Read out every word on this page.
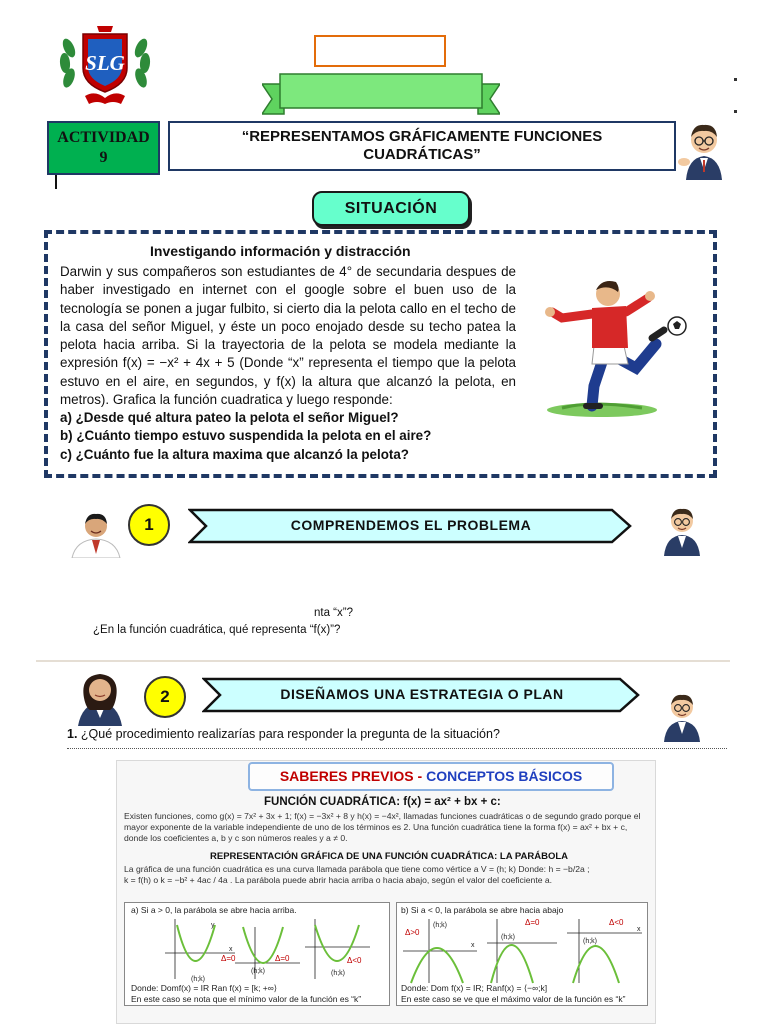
SLG
ACTIVIDAD
9
“REPRESENTAMOS GRÁFICAMENTE FUNCIONES
CUADRÁTICAS”
SITUACIÓN
Investigando información y distracción
Darwin y sus compañeros son estudiantes de 4° de secundaria despues de haber investigado en internet con el google sobre el buen uso de la tecnología se ponen a jugar fulbito, si cierto dia la pelota callo en el techo de la casa del señor Miguel, y éste un poco enojado desde su techo patea la pelota hacia arriba. Si la trayectoria de la pelota se modela mediante la expresión f(x) = −x² + 4x + 5 (Donde “x” representa el tiempo que la pelota estuvo en el aire, en segundos, y f(x) la altura que alcanzó la pelota, en metros). Grafica la función cuadratica y luego responde:
a) ¿Desde qué altura pateo la pelota el señor Miguel?
b) ¿Cuánto tiempo estuvo suspendida la pelota en el aire?
c) ¿Cuánto fue la altura maxima que alcanzó la pelota?
1	COMPRENDEMOS EL PROBLEMA
nta “x”?
¿En la función cuadrática, qué representa “f(x)”?
2	DISEÑAMOS UNA ESTRATEGIA O PLAN
1. ¿Qué procedimiento realizarías para responder la pregunta de la situación?
SABERES PREVIOS - CONCEPTOS BÁSICOS
FUNCIÓN CUADRÁTICA: f(x) = ax² + bx + c:
Existen funciones, como g(x) = 7x² + 3x + 1; f(x) = −3x² + 8 y h(x) = −4x², llamadas funciones cuadráticas o de segundo grado porque el mayor exponente de la variable independiente de uno de los términos es 2. Una función cuadrática tiene la forma f(x) = ax² + bx + c, donde los coeficientes a, b y c son números reales y a ≠ 0.
REPRESENTACIÓN GRÁFICA DE UNA FUNCIÓN CUADRÁTICA: LA PARÁBOLA
La gráfica de una función cuadrática es una curva llamada parábola que tiene como vértice a V = (h; k) Donde: h = −b/2a ;
k = f(h) o k = −b² + 4ac / 4a . La parábola puede abrir hacia arriba o hacia abajo, según el valor del coeficiente a.
a) Si a > 0, la parábola se abre hacia arriba.
(h;k)
Δ=0
(h;k)
Δ=0
(h;k)
Δ<0
x
y
Donde: Domf(x) = IR Ran f(x) = [k; +∞⟩
En este caso se nota que el mínimo valor de la función es “k”
b) Si a < 0, la parábola se abre hacia abajo
Δ>0
(h;k)
x
Δ=0
(h;k)
Δ<0
(h;k)
x
Donde: Dom f(x) = IR; Ranf(x) = ⟨−∞;k]
En este caso se ve que el máximo valor de la función es “k”
